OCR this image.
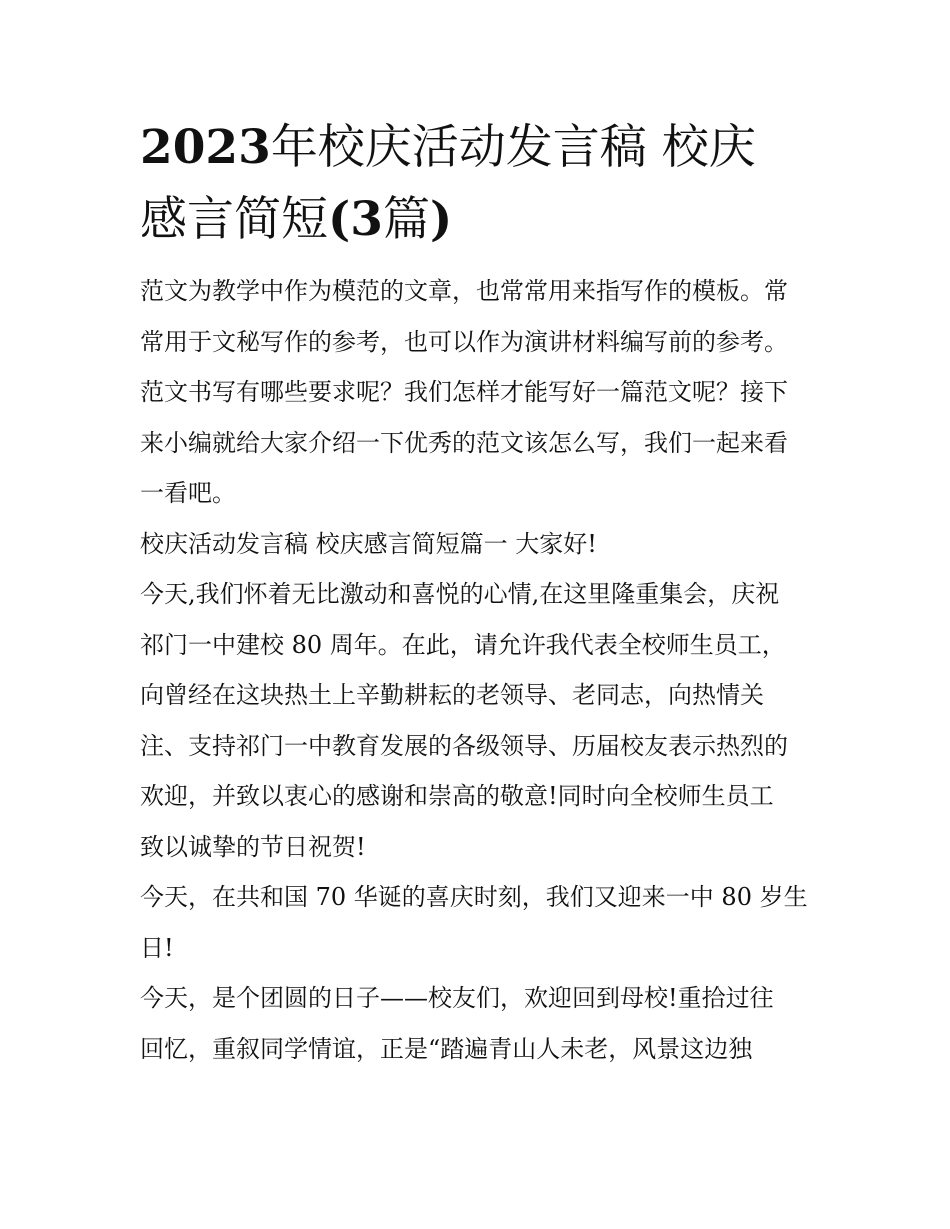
2023年校庆活动发言稿 校庆
感言简短(3篇)
范文为教学中作为模范的文章，也常常用来指写作的模板。常
常用于文秘写作的参考，也可以作为演讲材料编写前的参考。
范文书写有哪些要求呢？我们怎样才能写好一篇范文呢？接下
来小编就给大家介绍一下优秀的范文该怎么写，我们一起来看
一看吧。
校庆活动发言稿 校庆感言简短篇一 大家好!
今天,我们怀着无比激动和喜悦的心情,在这里隆重集会，庆祝
祁门一中建校 80 周年。在此，请允许我代表全校师生员工，
向曾经在这块热土上辛勤耕耘的老领导、老同志，向热情关
注、支持祁门一中教育发展的各级领导、历届校友表示热烈的
欢迎，并致以衷心的感谢和崇高的敬意!同时向全校师生员工
致以诚挚的节日祝贺!
今天，在共和国 70 华诞的喜庆时刻，我们又迎来一中 80 岁生
日!
今天，是个团圆的日子——校友们，欢迎回到母校!重拾过往
回忆，重叙同学情谊，正是“踏遍青山人未老，风景这边独
